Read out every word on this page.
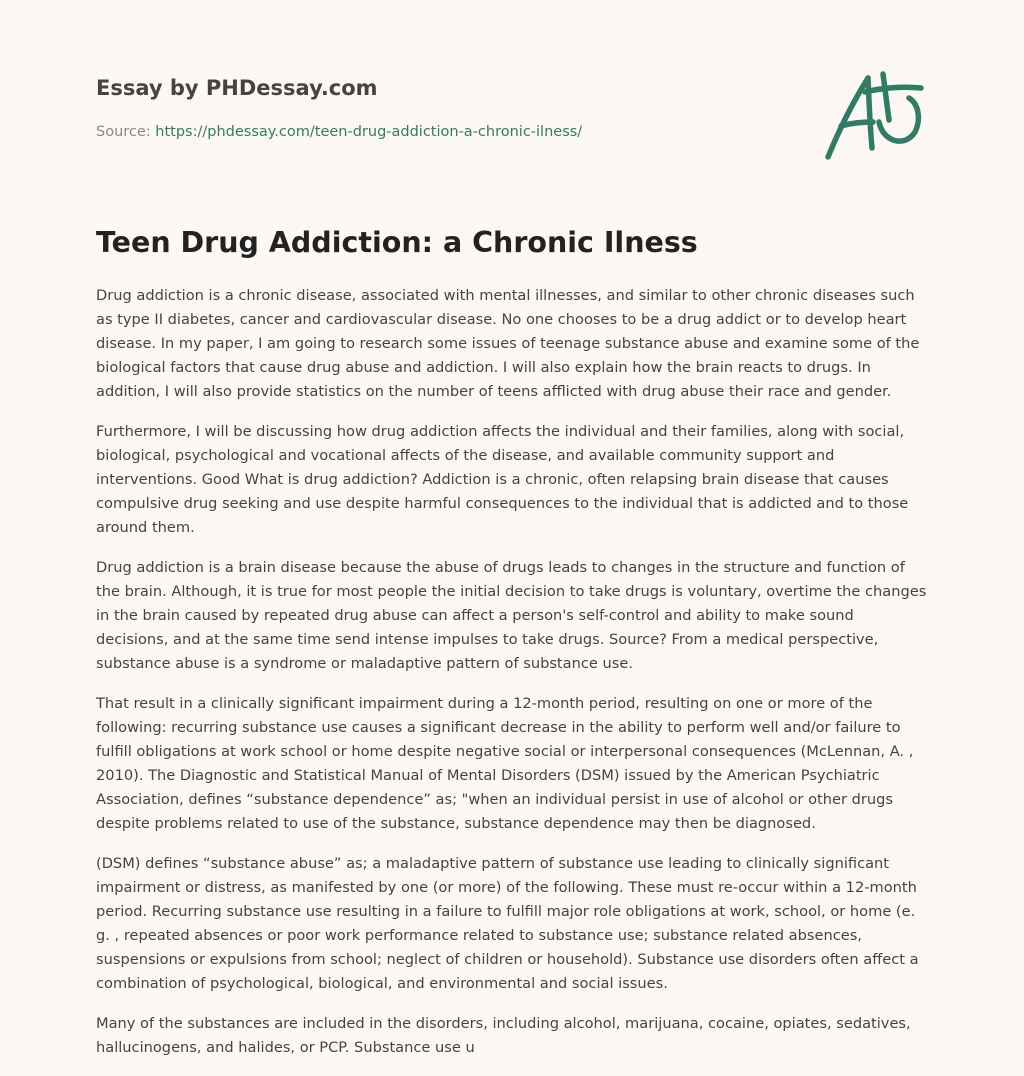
Essay by PHDessay.com
Source: https://phdessay.com/teen-drug-addiction-a-chronic-ilness/
Teen Drug Addiction: a Chronic Ilness

Drug addiction is a chronic disease, associated with mental illnesses, and similar to other chronic diseases such as type II diabetes, cancer and cardiovascular disease. No one chooses to be a drug addict or to develop heart disease. In my paper, I am going to research some issues of teenage substance abuse and examine some of the biological factors that cause drug abuse and addiction. I will also explain how the brain reacts to drugs. In addition, I will also provide statistics on the number of teens afflicted with drug abuse their race and gender.

Furthermore, I will be discussing how drug addiction affects the individual and their families, along with social, biological, psychological and vocational affects of the disease, and available community support and interventions. Good What is drug addiction? Addiction is a chronic, often relapsing brain disease that causes compulsive drug seeking and use despite harmful consequences to the individual that is addicted and to those around them.

Drug addiction is a brain disease because the abuse of drugs leads to changes in the structure and function of the brain. Although, it is true for most people the initial decision to take drugs is voluntary, overtime the changes in the brain caused by repeated drug abuse can affect a person's self-control and ability to make sound decisions, and at the same time send intense impulses to take drugs. Source? From a medical perspective, substance abuse is a syndrome or maladaptive pattern of substance use.

That result in a clinically significant impairment during a 12-month period, resulting on one or more of the following: recurring substance use causes a significant decrease in the ability to perform well and/or failure to fulfill obligations at work school or home despite negative social or interpersonal consequences (McLennan, A. , 2010). The Diagnostic and Statistical Manual of Mental Disorders (DSM) issued by the American Psychiatric Association, defines “substance dependence” as; "when an individual persist in use of alcohol or other drugs despite problems related to use of the substance, substance dependence may then be diagnosed.

(DSM) defines “substance abuse” as; a maladaptive pattern of substance use leading to clinically significant impairment or distress, as manifested by one (or more) of the following. These must re-occur within a 12-month period. Recurring substance use resulting in a failure to fulfill major role obligations at work, school, or home (e. g. , repeated absences or poor work performance related to substance use; substance related absences, suspensions or expulsions from school; neglect of children or household). Substance use disorders often affect a combination of psychological, biological, and environmental and social issues.

Many of the substances are included in the disorders, including alcohol, marijuana, cocaine, opiates, sedatives, hallucinogens, and halides, or PCP. Substance use u
